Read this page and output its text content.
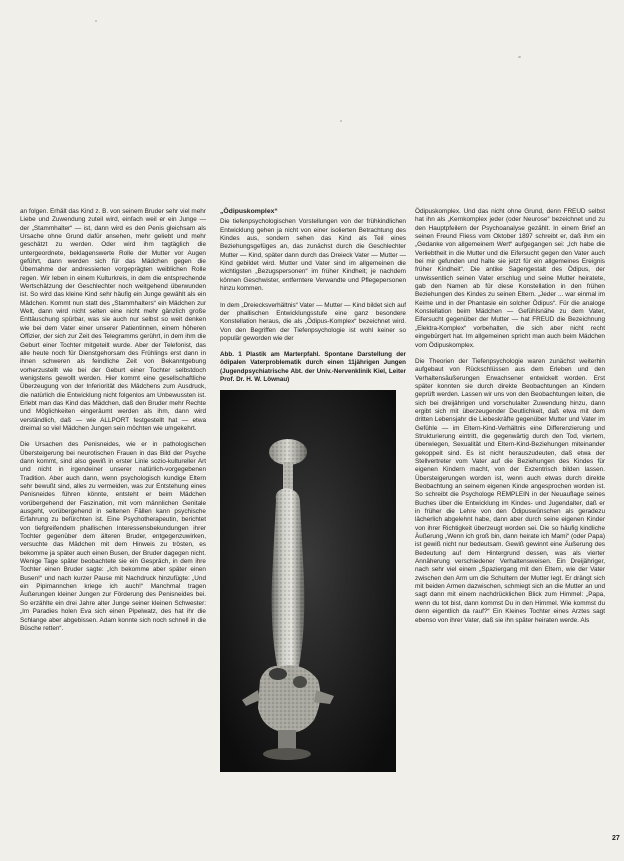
an folgen. Erhält das Kind z. B. von seinem Bruder sehr viel mehr Liebe und Zuwendung zuteil wird, einfach weil er ein Junge — der „Stammhalter“ — ist, dann wird es den Penis gleichsam als Ursache ohne Grund dafür ansehen, mehr geliebt und mehr geschätzt zu werden. Oder wird ihm tagtäglich die untergeordnete, beklagenswerte Rolle der Mutter vor Augen geführt, dann werden sich für das Mädchen gegen die Übernahme der andressierten vorgeprägten weiblichen Rolle regen. Wir leben in einem Kulturkreis, in dem die entsprechende Wertschätzung der Geschlechter noch weitgehend überwunden ist. So wird das kleine Kind sehr häufig ein Junge gewählt als ein Mädchen. Kommt nun statt des „Stammhalters“ ein Mädchen zur Welt, dann wird nicht selten eine nicht mehr gänzlich große Enttäuschung spürbar, was sie auch nur selbst so weit denken wie bei dem Vater einer unserer Patientinnen, einem höheren Offizier, der sich zur Zeit des Telegramms gerührt, in dem ihm die Geburt einer Tochter mitgeteilt wurde. Aber der Telefonist, das alle heute noch für Dienstgehorsam des Frühlings erst dann in ihnen schweren als feindliche Zeit von Bekanntgebung vorherzustellt wie bei der Geburt einer Tochter selbstdoch wenigstens gewollt werden. Hier kommt eine gesellschaftliche Überzeugung von der Inferiorität des Mädchens zum Ausdruck, die natürlich die Entwicklung nicht folgenlos am Unbewussten ist. Erlebt man das Kind das Mädchen, daß den Bruder mehr Rechte und Möglichkeiten eingeräumt werden als ihm, dann wird verständlich, daß — wie ALLPORT festgestellt hat — etwa dreimal so viel Mädchen Jungen sein möchten wie umgekehrt.

Die Ursachen des Penisneides, wie er in pathologischen Übersteigerung bei neurotischen Frauen in das Bild der Psyche dann kommt, sind also gewiß in erster Linie sozio-kultureller Art und nicht in irgendeiner unserer natürlich-vorgegebenen Tradition. Aber auch dann, wenn psychologisch kundige Eltern sehr bewußt sind, alles zu vermeiden, was zur Entstehung eines Penisneides führen könnte, entsteht er beim Mädchen vorübergehend der Faszination, mit vom männlichen Genitale ausgeht, vorübergehend in seltenen Fällen kann psychische Erfahrung zu befürchten ist. Eine Psychotherapeutin, berichtet von tiefgreifendem phallischen Interessensbekundungen ihrer Tochter gegenüber dem älteren Bruder, entgegenzuwirken, versuchte das Mädchen mit dem Hinweis zu trösten, es bekomme ja später auch einen Busen, der Bruder dagegen nicht. Wenige Tage später beobachtete sie ein Gespräch, in dem ihre Tochter einen Bruder sagte: „Ich bekomme aber später einen Busen!“ und nach kurzer Pause mit Nachdruck hinzufügte: „Und ein Pipimannchen kriege ich auch!“ Manchmal tragen Äußerungen kleiner Jungen zur Förderung des Penisneides bei. So erzählte ein drei Jahre alter Junge seiner kleinen Schwester: „Im Paradies holen Eva sich einen Pipelwatz, des hat ihr die Schlange aber abgebissen. Adam konnte sich noch schnell in die Büsche retten“.

„Ödipuskomplex“

Die tiefenpsychologischen Vorstellungen von der frühkindlichen Entwicklung gehen ja nicht von einer isolierten Betrachtung des Kindes aus, sondern sehen das Kind als Teil eines Beziehungsgefüges an, das zunächst durch die Geschlechter Mutter — Kind, später dann durch das Dreieck Vater — Mutter — Kind gebildet wird. Mutter und Vater sind im allgemeinen die wichtigsten „Bezugspersonen“ im früher Kindheit; je nachdem können Geschwister, entferntere Verwandte und Pflegepersonen hinzu kommen.

In dem „Dreiecksverhältnis“ Vater — Mutter — Kind bildet sich auf der phallischen Entwicklungsstufe eine ganz besondere Konstellation heraus, die als „Ödipus-Komplex“ bezeichnet wird. Von den Begriffen der Tiefenpsychologie ist wohl keiner so populär geworden wie der

Abb. 1 Plastik am Marterpfahl. Spontane Darstellung der ödipalen Vaterproblematik durch einen 11jährigen Jungen (Jugendpsychiatrische Abt. der Univ.-Nervenklinik Kiel, Leiter Prof. Dr. H. W. Löwnau)

Ödipuskomplex. Und das nicht ohne Grund, denn FREUD selbst hat ihn als „Kernkomplex jeder (oder Neurose“ bezeichnet und zu den Hauptpfeilern der Psychoanalyse gezählt. In einem Brief an seinen Freund Fliess vom Oktober 1897 schreibt er, daß ihm ein „Gedanke von allgemeinem Wert“ aufgegangen sei: „Ich habe die Verliebtheit in die Mutter und die Eifersucht gegen den Vater auch bei mir gefunden und halte sie jetzt für ein allgemeines Ereignis früher Kindheit“. Die antike Sagengestalt des Ödipus, der unwissentlich seinen Vater erschlug und seine Mutter heiratete, gab den Namen ab für diese Konstellation in den frühen Beziehungen des Kindes zu seinen Eltern. „Jeder ... war einmal im Keime und in der Phantasie ein solcher Ödipus“. Für die analoge Konstellation beim Mädchen — Gefühlsnähe zu dem Vater, Eifersucht gegenüber der Mutter — hat FREUD die Bezeichnung „Elektra-Komplex“ vorbehalten, die sich aber nicht recht eingebürgert hat. Im allgemeinen spricht man auch beim Mädchen vom Ödipuskomplex.

Die Theorien der Tiefenpsychologie waren zunächst weiterhin aufgebaut von Rückschlüssen aus dem Erleben und den Verhaltensäußerungen Erwachsener entwickelt worden. Erst später konnten sie durch direkte Beobachtungen an Kindern geprüft werden. Lassen wir uns von den Beobachtungen leiten, die sich bei dreijährigen und vorschulalter Zuwendung hinzu, dann ergibt sich mit überzeugender Deutlichkeit, daß etwa mit dem dritten Lebensjahr die Liebeskräfte gegenüber Mutter und Vater im Gefühle — im Eltern-Kind-Verhältnis eine Differenzierung und Strukturierung eintritt, die gegenwärtig durch den Tod, viertem, überwiegen, Sexualität und Eltern-Kind-Beziehungen miteinander gekoppelt sind. Es ist nicht herauszudeuten, daß etwa der Stellvertreter vom Vater auf die Beziehungen des Kindes für eigenen Kindern macht, von der Exzentrisch bilden lassen. Übersteigerungen worden ist, wenn auch etwas durch direkte Beobachtung an seinem eigenen Kinde angesprochen worden ist. So schreibt die Psychologe REMPLEIN in der Neuauflage seines Buches über die Entwicklung im Kindes- und Jugendalter, daß er in früher die Lehre von den Ödipuswünschen als geradezu lächerlich abgelehnt habe, dann aber durch seine eigenen Kinder von ihrer Richtigkeit überzeugt worden sei. Die so häufig kindliche Äußerung „Wenn ich groß bin, dann heirate ich Mami“ (oder Papa) ist gewiß nicht nur bedeutsam. Gewiß gewinnt eine Äußerung des Bedeutung auf dem Hintergrund dessen, was als vierter Annäherung verschiedener Verhaltensweisen. Ein Dreijähriger, nach sehr viel einem „Spaziergang mit den Eltern, wie der Vater zwischen den Arm um die Schultern der Mutter legt. Er drängt sich mit beiden Armen dazwischen, schmiegt sich an die Mutter an und sagt dann mit einem nachdrücklichen Blick zum Himmel: „Papa, wenn du tot bist, dann kommst Du in den Himmel. Wie kommst du denn eigentlich da rauf?“ Ein Kleines Tochter eines Arztes sagt ebenso von ihrer Vater, daß sie ihn später heiraten werde. Als

27
